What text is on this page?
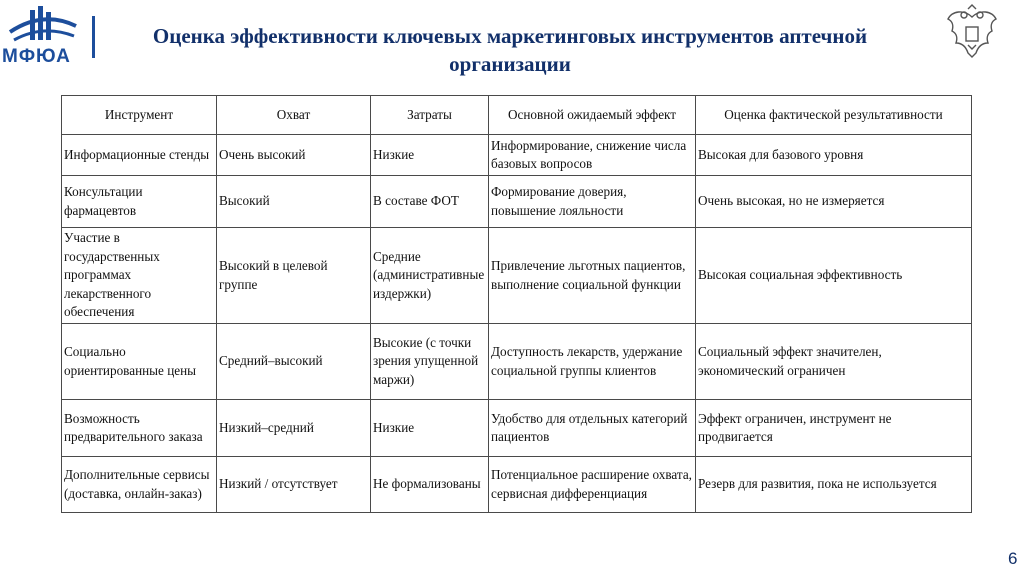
МФЮА
Оценка эффективности ключевых маркетинговых инструментов аптечной
организации
Инструмент	Охват	Затраты	Основной ожидаемый эффект	Оценка фактической результативности
Информационные стенды	Очень высокий	Низкие	Информирование, снижение числа базовых вопросов	Высокая для базового уровня
Консультации фармацевтов	Высокий	В составе ФОТ	Формирование доверия, повышение лояльности	Очень высокая, но не измеряется
Участие в государственных программах лекарственного обеспечения	Высокий в целевой группе	Средние (административные издержки)	Привлечение льготных пациентов, выполнение социальной функции	Высокая социальная эффективность
Социально ориентированные цены	Средний–высокий	Высокие (с точки зрения упущенной маржи)	Доступность лекарств, удержание социальной группы клиентов	Социальный эффект значителен, экономический ограничен
Возможность предварительного заказа	Низкий–средний	Низкие	Удобство для отдельных категорий пациентов	Эффект ограничен, инструмент не продвигается
Дополнительные сервисы (доставка, онлайн-заказ)	Низкий / отсутствует	Не формализованы	Потенциальное расширение охвата, сервисная дифференциация	Резерв для развития, пока не используется
6
